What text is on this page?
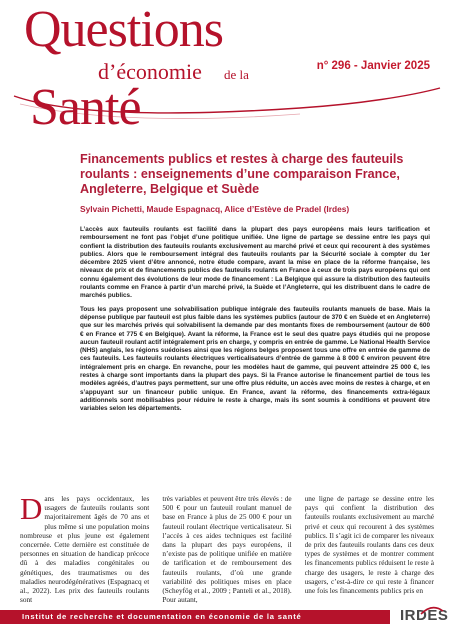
Questions
d’économie de la
Santé
n° 296 - Janvier 2025
Financements publics et restes à charge des fauteuils roulants : enseignements d’une comparaison France, Angleterre, Belgique et Suède
Sylvain Pichetti, Maude Espagnacq, Alice d’Estève de Pradel (Irdes)

L’accès aux fauteuils roulants est facilité dans la plupart des pays européens mais leurs tarification et remboursement ne font pas l’objet d’une politique unifiée. Une ligne de partage se dessine entre les pays qui confient la distribution des fauteuils roulants exclusivement au marché privé et ceux qui recourent à des systèmes publics. Alors que le remboursement intégral des fauteuils roulants par la Sécurité sociale à compter du 1er décembre 2025 vient d’être annoncé, notre étude compare, avant la mise en place de la réforme française, les niveaux de prix et de financements publics des fauteuils roulants en France à ceux de trois pays européens qui ont connu également des évolutions de leur mode de financement : La Belgique qui assure la distribution des fauteuils roulants comme en France à partir d’un marché privé, la Suède et l’Angleterre, qui les distribuent dans le cadre de marchés publics.

Tous les pays proposent une solvabilisation publique intégrale des fauteuils roulants manuels de base. Mais la dépense publique par fauteuil est plus faible dans les systèmes publics (autour de 370 € en Suède et en Angleterre) que sur les marchés privés qui solvabilisent la demande par des montants fixes de remboursement (autour de 600 € en France et 775 € en Belgique). Avant la réforme, la France est le seul des quatre pays étudiés qui ne propose aucun fauteuil roulant actif intégralement pris en charge, y compris en entrée de gamme. Le National Health Service (NHS) anglais, les régions suédoises ainsi que les régions belges proposent tous une offre en entrée de gamme de ces fauteuils. Les fauteuils roulants électriques verticalisateurs d’entrée de gamme à 8 000 € environ peuvent être intégralement pris en charge. En revanche, pour les modèles haut de gamme, qui peuvent atteindre 25 000 €, les restes à charge sont importants dans la plupart des pays. Si la France autorise le financement partiel de tous les modèles agréés, d’autres pays permettent, sur une offre plus réduite, un accès avec moins de restes à charge, et en s’appuyant sur un financeur public unique. En France, avant la réforme, des financements extra-légaux additionnels sont mobilisables pour réduire le reste à charge, mais ils sont soumis à conditions et peuvent être variables selon les départements.

D ans les pays occidentaux, les usagers de fauteuils roulants sont majoritairement âgés de 70 ans et plus même si une population moins nombreuse et plus jeune est également concernée. Cette dernière est constituée de personnes en situation de handicap précoce dû à des maladies congénitales ou génétiques, des traumatismes ou des maladies neurodégénératives (Espagnacq et al., 2022). Les prix des fauteuils roulants sont
très variables et peuvent être très élevés : de 500 € pour un fauteuil roulant manuel de base en France à plus de 25 000 € pour un fauteuil roulant électrique verticalisateur. Si l’accès à ces aides techniques est facilité dans la plupart des pays européens, il n’existe pas de politique unifiée en matière de tarification et de remboursement des fauteuils roulants, d’où une grande variabilité des politiques mises en place (Scheyfög et al., 2009 ; Panteli et al., 2018). Pour autant,
une ligne de partage se dessine entre les pays qui confient la distribution des fauteuils roulants exclusivement au marché privé et ceux qui recourent à des systèmes publics. Il s’agit ici de comparer les niveaux de prix des fauteuils roulants dans ces deux types de systèmes et de montrer comment les financements publics réduisent le reste à charge des usagers, le reste à charge des usagers, c’est-à-dire ce qui reste à financer une fois les financements publics pris en
Institut de recherche et documentation en économie de la santé	IRDES
